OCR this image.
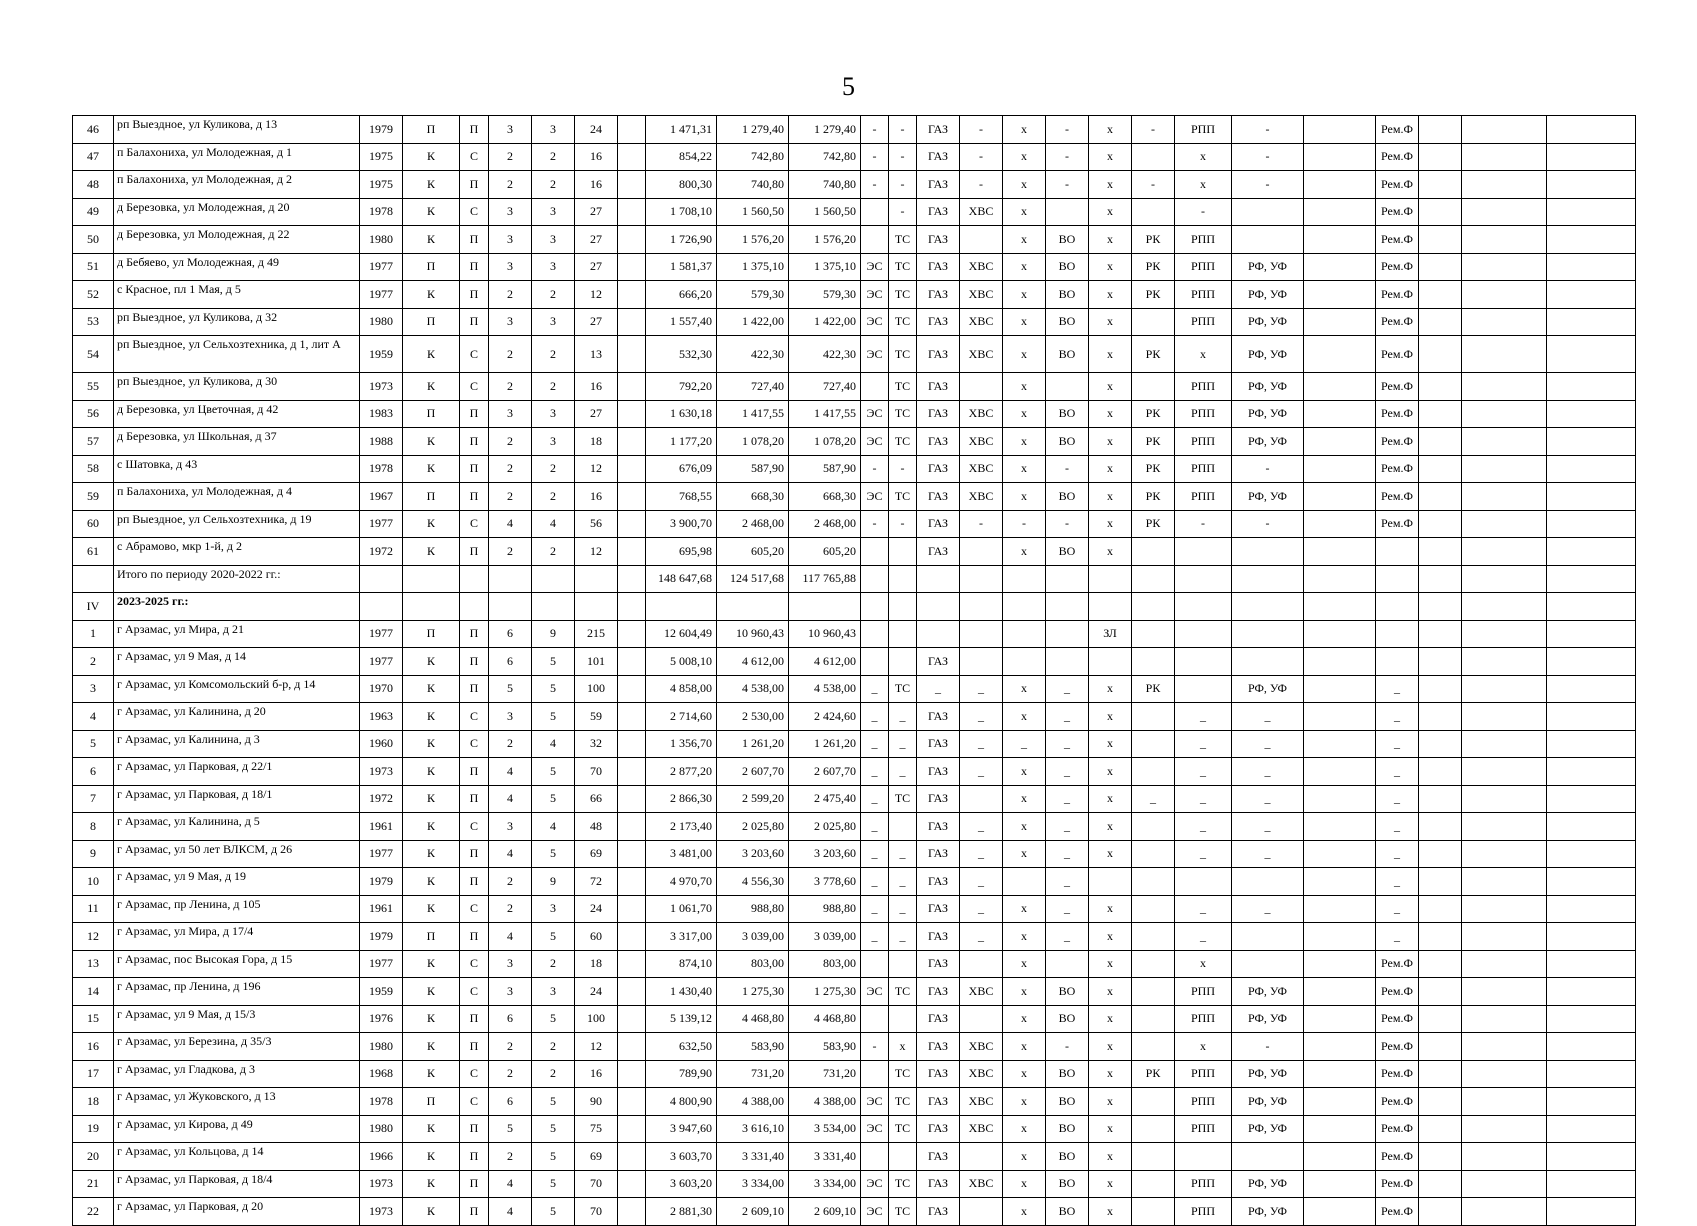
5
46	рп Выездное, ул Куликова, д 13	1979	П	П	3	3	24		1 471,31	1 279,40	1 279,40	-	-	ГАЗ	-	х	-	х	-	РПП	-		Рем.Ф			
47	п Балахониха, ул Молодежная, д 1	1975	К	С	2	2	16		854,22	742,80	742,80	-	-	ГАЗ	-	х	-	х		х	-		Рем.Ф			
48	п Балахониха, ул Молодежная, д 2	1975	К	П	2	2	16		800,30	740,80	740,80	-	-	ГАЗ	-	х	-	х	-	х	-		Рем.Ф			
49	д Березовка, ул Молодежная, д 20	1978	К	С	3	3	27		1 708,10	1 560,50	1 560,50		-	ГАЗ	ХВС	х		х		-			Рем.Ф			
50	д Березовка, ул Молодежная, д 22	1980	К	П	3	3	27		1 726,90	1 576,20	1 576,20		ТС	ГАЗ		х	ВО	х	РК	РПП			Рем.Ф			
51	д Бебяево, ул Молодежная, д 49	1977	П	П	3	3	27		1 581,37	1 375,10	1 375,10	ЭС	ТС	ГАЗ	ХВС	х	ВО	х	РК	РПП	РФ, УФ		Рем.Ф			
52	с Красное, пл 1 Мая, д 5	1977	К	П	2	2	12		666,20	579,30	579,30	ЭС	ТС	ГАЗ	ХВС	х	ВО	х	РК	РПП	РФ, УФ		Рем.Ф			
53	рп Выездное, ул Куликова, д 32	1980	П	П	3	3	27		1 557,40	1 422,00	1 422,00	ЭС	ТС	ГАЗ	ХВС	х	ВО	х		РПП	РФ, УФ		Рем.Ф			
54	рп Выездное, ул Сельхозтехника, д 1, лит А	1959	К	С	2	2	13		532,30	422,30	422,30	ЭС	ТС	ГАЗ	ХВС	х	ВО	х	РК	х	РФ, УФ		Рем.Ф			
55	рп Выездное, ул Куликова, д 30	1973	К	С	2	2	16		792,20	727,40	727,40		ТС	ГАЗ		х		х		РПП	РФ, УФ		Рем.Ф			
56	д Березовка, ул Цветочная, д 42	1983	П	П	3	3	27		1 630,18	1 417,55	1 417,55	ЭС	ТС	ГАЗ	ХВС	х	ВО	х	РК	РПП	РФ, УФ		Рем.Ф			
57	д Березовка, ул Школьная, д 37	1988	К	П	2	3	18		1 177,20	1 078,20	1 078,20	ЭС	ТС	ГАЗ	ХВС	х	ВО	х	РК	РПП	РФ, УФ		Рем.Ф			
58	с Шатовка, д 43	1978	К	П	2	2	12		676,09	587,90	587,90	-	-	ГАЗ	ХВС	х	-	х	РК	РПП	-		Рем.Ф			
59	п Балахониха, ул Молодежная, д 4	1967	П	П	2	2	16		768,55	668,30	668,30	ЭС	ТС	ГАЗ	ХВС	х	ВО	х	РК	РПП	РФ, УФ		Рем.Ф			
60	рп Выездное, ул Сельхозтехника, д 19	1977	К	С	4	4	56		3 900,70	2 468,00	2 468,00	-	-	ГАЗ	-	-	-	х	РК	-	-		Рем.Ф			
61	с Абрамово, мкр 1-й, д 2	1972	К	П	2	2	12		695,98	605,20	605,20			ГАЗ		х	ВО	х								
	Итого по периоду 2020-2022 гг.:								148 647,68	124 517,68	117 765,88															
IV	2023-2025 гг.:																									
1	г Арзамас, ул Мира, д 21	1977	П	П	6	9	215		12 604,49	10 960,43	10 960,43							ЗЛ								
2	г Арзамас, ул 9 Мая, д 14	1977	К	П	6	5	101		5 008,10	4 612,00	4 612,00			ГАЗ												
3	г Арзамас, ул Комсомольский б-р, д 14	1970	К	П	5	5	100		4 858,00	4 538,00	4 538,00	_	ТС	_	_	х	_	х	РК		РФ, УФ		_			
4	г Арзамас, ул Калинина, д 20	1963	К	С	3	5	59		2 714,60	2 530,00	2 424,60	_	_	ГАЗ	_	х	_	х		_	_		_			
5	г Арзамас, ул Калинина, д 3	1960	К	С	2	4	32		1 356,70	1 261,20	1 261,20	_	_	ГАЗ	_	_	_	х		_	_		_			
6	г Арзамас, ул Парковая, д 22/1	1973	К	П	4	5	70		2 877,20	2 607,70	2 607,70	_	_	ГАЗ	_	х	_	х		_	_		_			
7	г Арзамас, ул Парковая, д 18/1	1972	К	П	4	5	66		2 866,30	2 599,20	2 475,40	_	ТС	ГАЗ		х	_	х	_	_	_		_			
8	г Арзамас, ул Калинина, д 5	1961	К	С	3	4	48		2 173,40	2 025,80	2 025,80	_		ГАЗ	_	х	_	х		_	_		_			
9	г Арзамас, ул 50 лет ВЛКСМ, д 26	1977	К	П	4	5	69		3 481,00	3 203,60	3 203,60	_	_	ГАЗ	_	х	_	х		_	_		_			
10	г Арзамас, ул 9 Мая, д 19	1979	К	П	2	9	72		4 970,70	4 556,30	3 778,60	_	_	ГАЗ	_		_						_			
11	г Арзамас, пр Ленина, д 105	1961	К	С	2	3	24		1 061,70	988,80	988,80	_	_	ГАЗ	_	х	_	х		_	_		_			
12	г Арзамас, ул Мира, д 17/4	1979	П	П	4	5	60		3 317,00	3 039,00	3 039,00	_	_	ГАЗ	_	х	_	х		_			_			
13	г Арзамас, пос Высокая Гора, д 15	1977	К	С	3	2	18		874,10	803,00	803,00			ГАЗ		х		х		х			Рем.Ф			
14	г Арзамас, пр Ленина, д 196	1959	К	С	3	3	24		1 430,40	1 275,30	1 275,30	ЭС	ТС	ГАЗ	ХВС	х	ВО	х		РПП	РФ, УФ		Рем.Ф			
15	г Арзамас, ул 9 Мая, д 15/3	1976	К	П	6	5	100		5 139,12	4 468,80	4 468,80			ГАЗ		х	ВО	х		РПП	РФ, УФ		Рем.Ф			
16	г Арзамас, ул Березина, д 35/3	1980	К	П	2	2	12		632,50	583,90	583,90	-	х	ГАЗ	ХВС	х	-	х		х	-		Рем.Ф			
17	г Арзамас, ул Гладкова, д 3	1968	К	С	2	2	16		789,90	731,20	731,20		ТС	ГАЗ	ХВС	х	ВО	х	РК	РПП	РФ, УФ		Рем.Ф			
18	г Арзамас, ул Жуковского, д 13	1978	П	С	6	5	90		4 800,90	4 388,00	4 388,00	ЭС	ТС	ГАЗ	ХВС	х	ВО	х		РПП	РФ, УФ		Рем.Ф			
19	г Арзамас, ул Кирова, д 49	1980	К	П	5	5	75		3 947,60	3 616,10	3 534,00	ЭС	ТС	ГАЗ	ХВС	х	ВО	х		РПП	РФ, УФ		Рем.Ф			
20	г Арзамас, ул Кольцова, д 14	1966	К	П	2	5	69		3 603,70	3 331,40	3 331,40			ГАЗ		х	ВО	х					Рем.Ф			
21	г Арзамас, ул Парковая, д 18/4	1973	К	П	4	5	70		3 603,20	3 334,00	3 334,00	ЭС	ТС	ГАЗ	ХВС	х	ВО	х		РПП	РФ, УФ		Рем.Ф			
22	г Арзамас, ул Парковая, д 20	1973	К	П	4	5	70		2 881,30	2 609,10	2 609,10	ЭС	ТС	ГАЗ		х	ВО	х		РПП	РФ, УФ		Рем.Ф			
